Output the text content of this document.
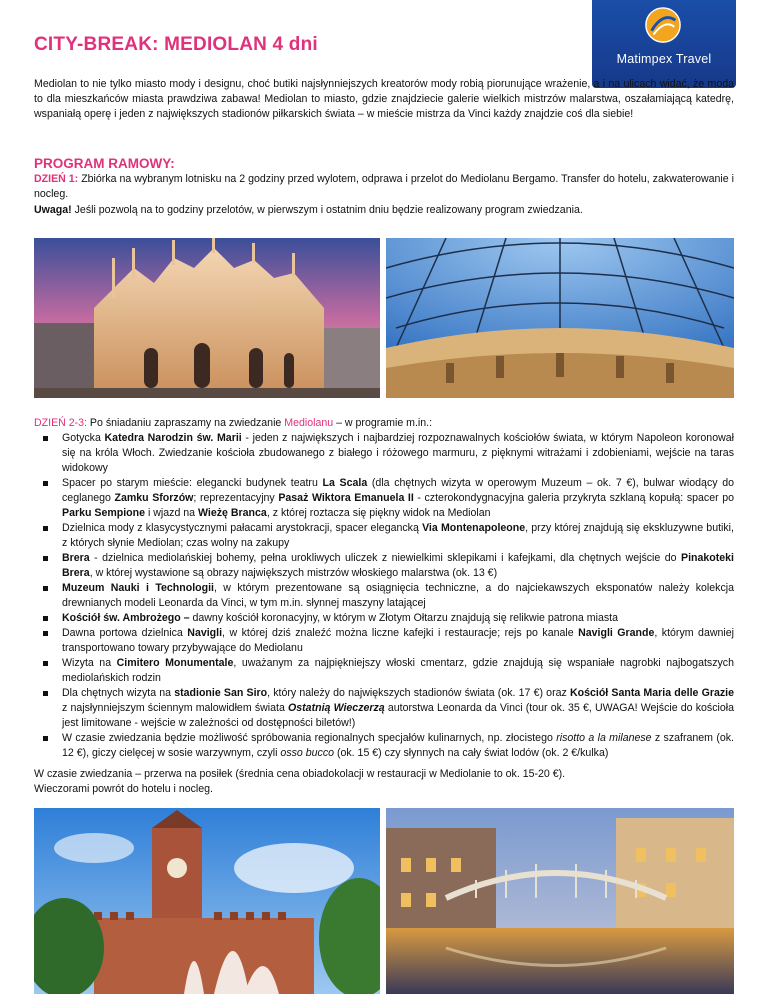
CITY-BREAK: MEDIOLAN 4 dni
Matimpex Travel
Mediolan to nie tylko miasto mody i designu, choć butiki najsłynniejszych kreatorów mody robią piorunujące wrażenie, a i na ulicach widać, że moda to dla mieszkańców miasta prawdziwa zabawa! Mediolan to miasto, gdzie znajdziecie galerie wielkich mistrzów malarstwa, oszałamiającą katedrę, wspaniałą operę i jeden z największych stadionów piłkarskich świata – w mieście mistrza da Vinci każdy znajdzie coś dla siebie!
PROGRAM RAMOWY:
DZIEŃ 1: Zbiórka na wybranym lotnisku na 2 godziny przed wylotem, odprawa i przelot do Mediolanu Bergamo. Transfer do hotelu, zakwaterowanie i nocleg.
Uwaga! Jeśli pozwolą na to godziny przelotów, w pierwszym i ostatnim dniu będzie realizowany program zwiedzania.
DZIEŃ 2-3: Po śniadaniu zapraszamy na zwiedzanie Mediolanu – w programie m.in.:
Gotycka Katedra Narodzin św. Marii - jeden z największych i najbardziej rozpoznawalnych kościołów świata, w którym Napoleon koronował się na króla Włoch. Zwiedzanie kościoła zbudowanego z białego i różowego marmuru, z pięknymi witrażami i zdobieniami, wejście na taras widokowy
Spacer po starym mieście: elegancki budynek teatru La Scala (dla chętnych wizyta w operowym Muzeum – ok. 7 €), bulwar wiodący do ceglanego Zamku Sforzów; reprezentacyjny Pasaż Wiktora Emanuela II - czterokondygnacyjna galeria przykryta szklaną kopułą: spacer po Parku Sempione i wjazd na Wieżę Branca, z której roztacza się piękny widok na Mediolan
Dzielnica mody z klasycystycznymi pałacami arystokracji, spacer elegancką Via Montenapoleone, przy której znajdują się ekskluzywne butiki, z których słynie Mediolan; czas wolny na zakupy
Brera - dzielnica mediolańskiej bohemy, pełna urokliwych uliczek z niewielkimi sklepikami i kafejkami, dla chętnych wejście do Pinakoteki Brera, w której wystawione są obrazy największych mistrzów włoskiego malarstwa (ok. 13 €)
Muzeum Nauki i Technologii, w którym prezentowane są osiągnięcia techniczne, a do najciekawszych eksponatów należy kolekcja drewnianych modeli Leonarda da Vinci, w tym m.in. słynnej maszyny latającej
Kościół św. Ambrożego – dawny kościół koronacyjny, w którym w Złotym Ołtarzu znajdują się relikwie patrona miasta
Dawna portowa dzielnica Navigli, w której dziś znaleźć można liczne kafejki i restauracje; rejs po kanale Navigli Grande, którym dawniej transportowano towary przybywające do Mediolanu
Wizyta na Cimitero Monumentale, uważanym za najpiękniejszy włoski cmentarz, gdzie znajdują się wspaniałe nagrobki najbogatszych mediolańskich rodzin
Dla chętnych wizyta na stadionie San Siro, który należy do największych stadionów świata (ok. 17 €) oraz Kościół Santa Maria delle Grazie z najsłynniejszym ściennym malowidłem świata Ostatnią Wieczerzą autorstwa Leonarda da Vinci (tour ok. 35 €, UWAGA! Wejście do kościoła jest limitowane - wejście w zależności od dostępności biletów!)
W czasie zwiedzania będzie możliwość spróbowania regionalnych specjałów kulinarnych, np. złocistego risotto a la milanese z szafranem (ok. 12 €), giczy cielęcej w sosie warzywnym, czyli osso bucco (ok. 15 €) czy słynnych na cały świat lodów (ok. 2 €/kulka)
W czasie zwiedzania – przerwa na posiłek (średnia cena obiadokolacji w restauracji w Mediolanie to ok. 15-20 €).
Wieczorami powrót do hotelu i nocleg.
